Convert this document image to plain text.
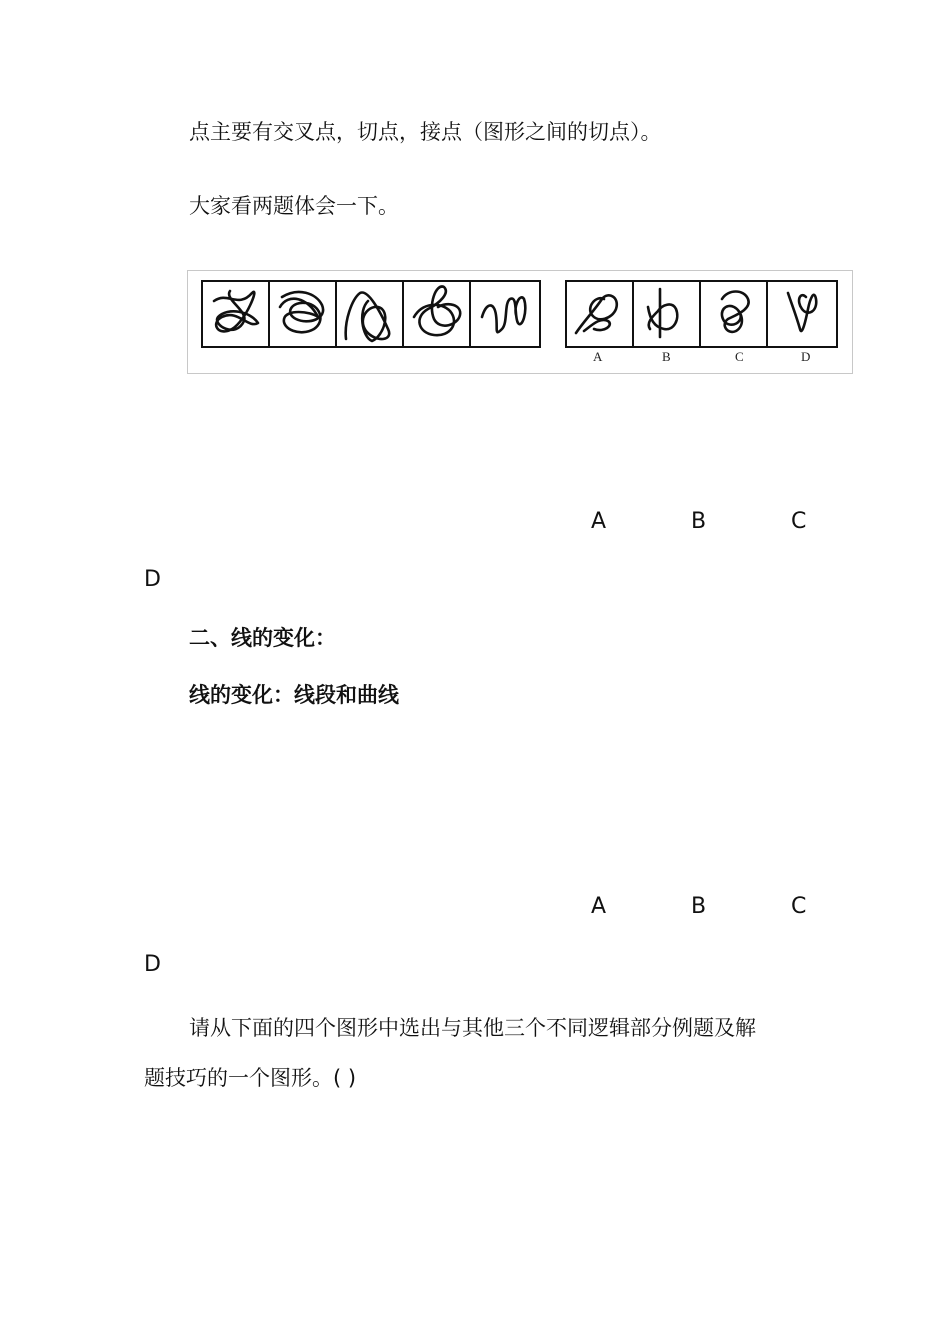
点主要有交叉点，切点，接点（图形之间的切点）。
大家看两题体会一下。
A	B	C	D
A	B	C
D
二、线的变化：
线的变化：线段和曲线
A	B	C
D
请从下面的四个图形中选出与其他三个不同逻辑部分例题及解
题技巧的一个图形。( )
